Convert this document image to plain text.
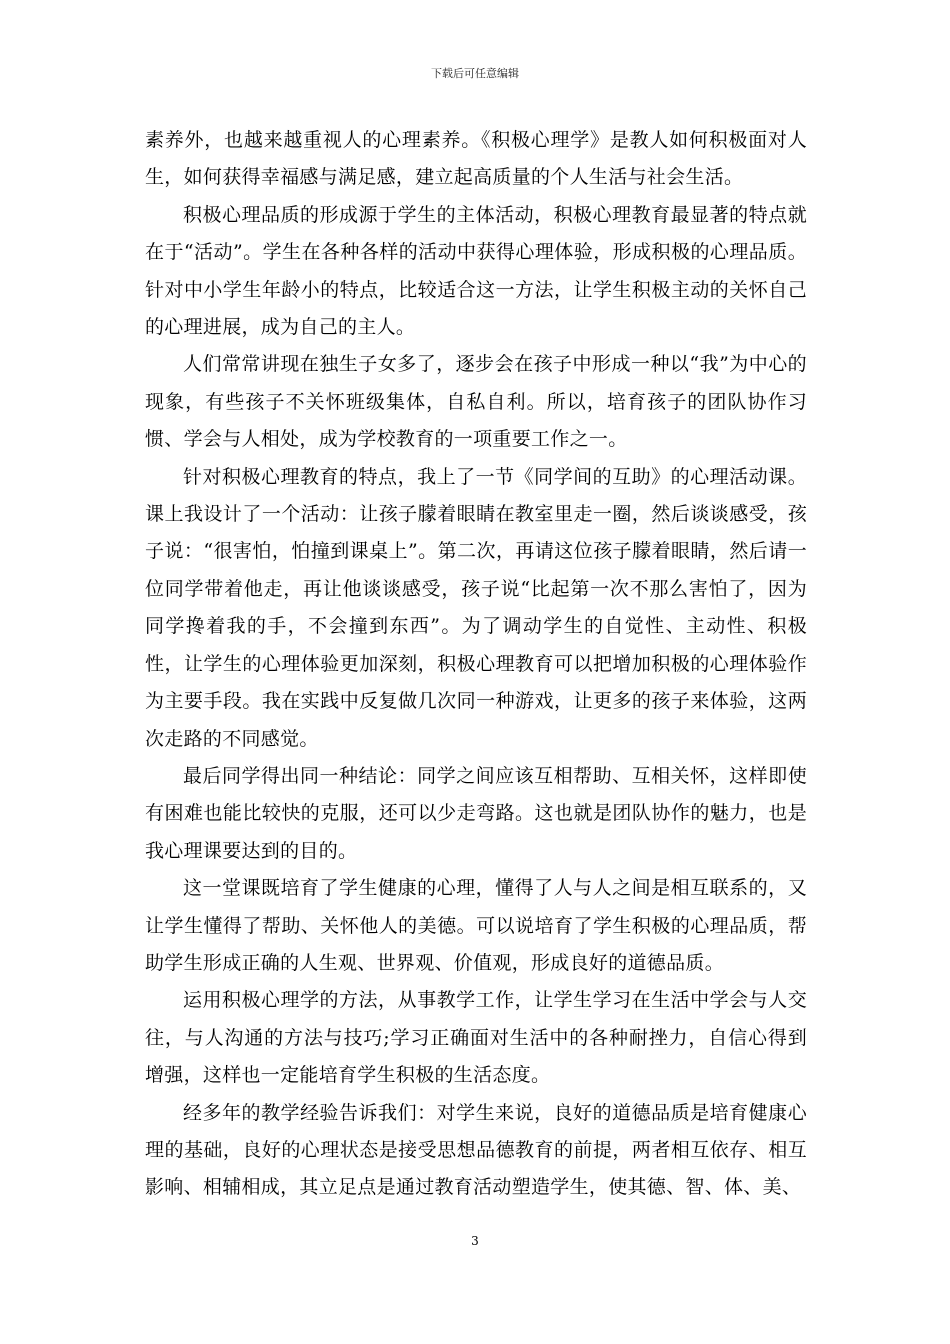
下载后可任意编辑

素养外，也越来越重视人的心理素养。《积极心理学》是教人如何积极面对人生，如何获得幸福感与满足感，建立起高质量的个人生活与社会生活。

积极心理品质的形成源于学生的主体活动，积极心理教育最显著的特点就在于“活动”。学生在各种各样的活动中获得心理体验，形成积极的心理品质。针对中小学生年龄小的特点，比较适合这一方法，让学生积极主动的关怀自己的心理进展，成为自己的主人。

人们常常讲现在独生子女多了，逐步会在孩子中形成一种以“我”为中心的现象，有些孩子不关怀班级集体，自私自利。所以，培育孩子的团队协作习惯、学会与人相处，成为学校教育的一项重要工作之一。

针对积极心理教育的特点，我上了一节《同学间的互助》的心理活动课。课上我设计了一个活动：让孩子朦着眼睛在教室里走一圈，然后谈谈感受，孩子说：“很害怕，怕撞到课桌上”。第二次，再请这位孩子朦着眼睛，然后请一位同学带着他走，再让他谈谈感受，孩子说“比起第一次不那么害怕了，因为同学搀着我的手，不会撞到东西”。为了调动学生的自觉性、主动性、积极性，让学生的心理体验更加深刻，积极心理教育可以把增加积极的心理体验作为主要手段。我在实践中反复做几次同一种游戏，让更多的孩子来体验，这两次走路的不同感觉。

最后同学得出同一种结论：同学之间应该互相帮助、互相关怀，这样即使有困难也能比较快的克服，还可以少走弯路。这也就是团队协作的魅力，也是我心理课要达到的目的。

这一堂课既培育了学生健康的心理，懂得了人与人之间是相互联系的，又让学生懂得了帮助、关怀他人的美德。可以说培育了学生积极的心理品质，帮助学生形成正确的人生观、世界观、价值观，形成良好的道德品质。

运用积极心理学的方法，从事教学工作，让学生学习在生活中学会与人交往，与人沟通的方法与技巧;学习正确面对生活中的各种耐挫力，自信心得到增强，这样也一定能培育学生积极的生活态度。

经多年的教学经验告诉我们：对学生来说，良好的道德品质是培育健康心理的基础，良好的心理状态是接受思想品德教育的前提，两者相互依存、相互影响、相辅相成，其立足点是通过教育活动塑造学生，使其德、智、体、美、

3
